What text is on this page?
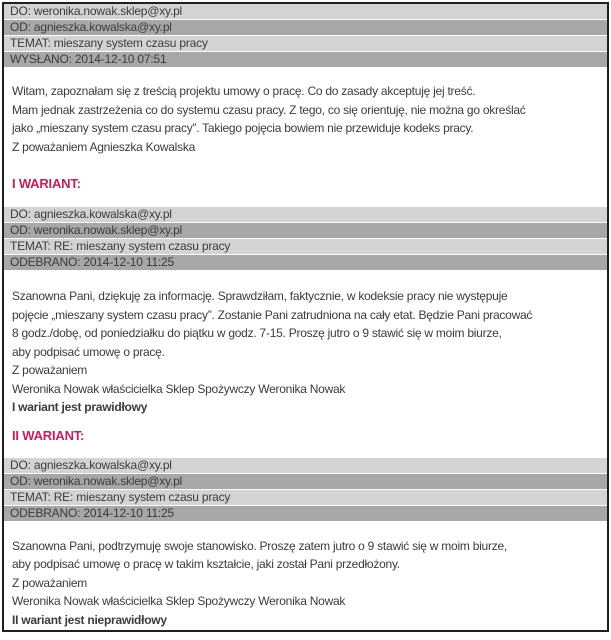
DO: weronika.nowak.sklep@xy.pl
OD: agnieszka.kowalska@xy.pl
TEMAT: mieszany system czasu pracy
WYSŁANO: 2014-12-10 07:51
Witam, zapoznałam się z treścią projektu umowy o pracę. Co do zasady akceptuję jej treść.
Mam jednak zastrzeżenia co do systemu czasu pracy. Z tego, co się orientuję, nie można go określać
jako „mieszany system czasu pracy”. Takiego pojęcia bowiem nie przewiduje kodeks pracy.
Z poważaniem Agnieszka Kowalska
I WARIANT:
DO: agnieszka.kowalska@xy.pl
OD: weronika.nowak.sklep@xy.pl
TEMAT: RE: mieszany system czasu pracy
ODEBRANO: 2014-12-10 11:25
Szanowna Pani, dziękuję za informację. Sprawdziłam, faktycznie, w kodeksie pracy nie występuje
pojęcie „mieszany system czasu pracy”. Zostanie Pani zatrudniona na cały etat. Będzie Pani pracować
8 godz./dobę, od poniedziałku do piątku w godz. 7-15. Proszę jutro o 9 stawić się w moim biurze,
aby podpisać umowę o pracę.
Z poważaniem
Weronika Nowak właścicielka Sklep Spożywczy Weronika Nowak
I wariant jest prawidłowy
II WARIANT:
DO: agnieszka.kowalska@xy.pl
OD: weronika.nowak.sklep@xy.pl
TEMAT: RE: mieszany system czasu pracy
ODEBRANO: 2014-12-10 11:25
Szanowna Pani, podtrzymuję swoje stanowisko. Proszę zatem jutro o 9 stawić się w moim biurze,
aby podpisać umowę o pracę w takim kształcie, jaki został Pani przedłożony.
Z poważaniem
Weronika Nowak właścicielka Sklep Spożywczy Weronika Nowak
II wariant jest nieprawidłowy
